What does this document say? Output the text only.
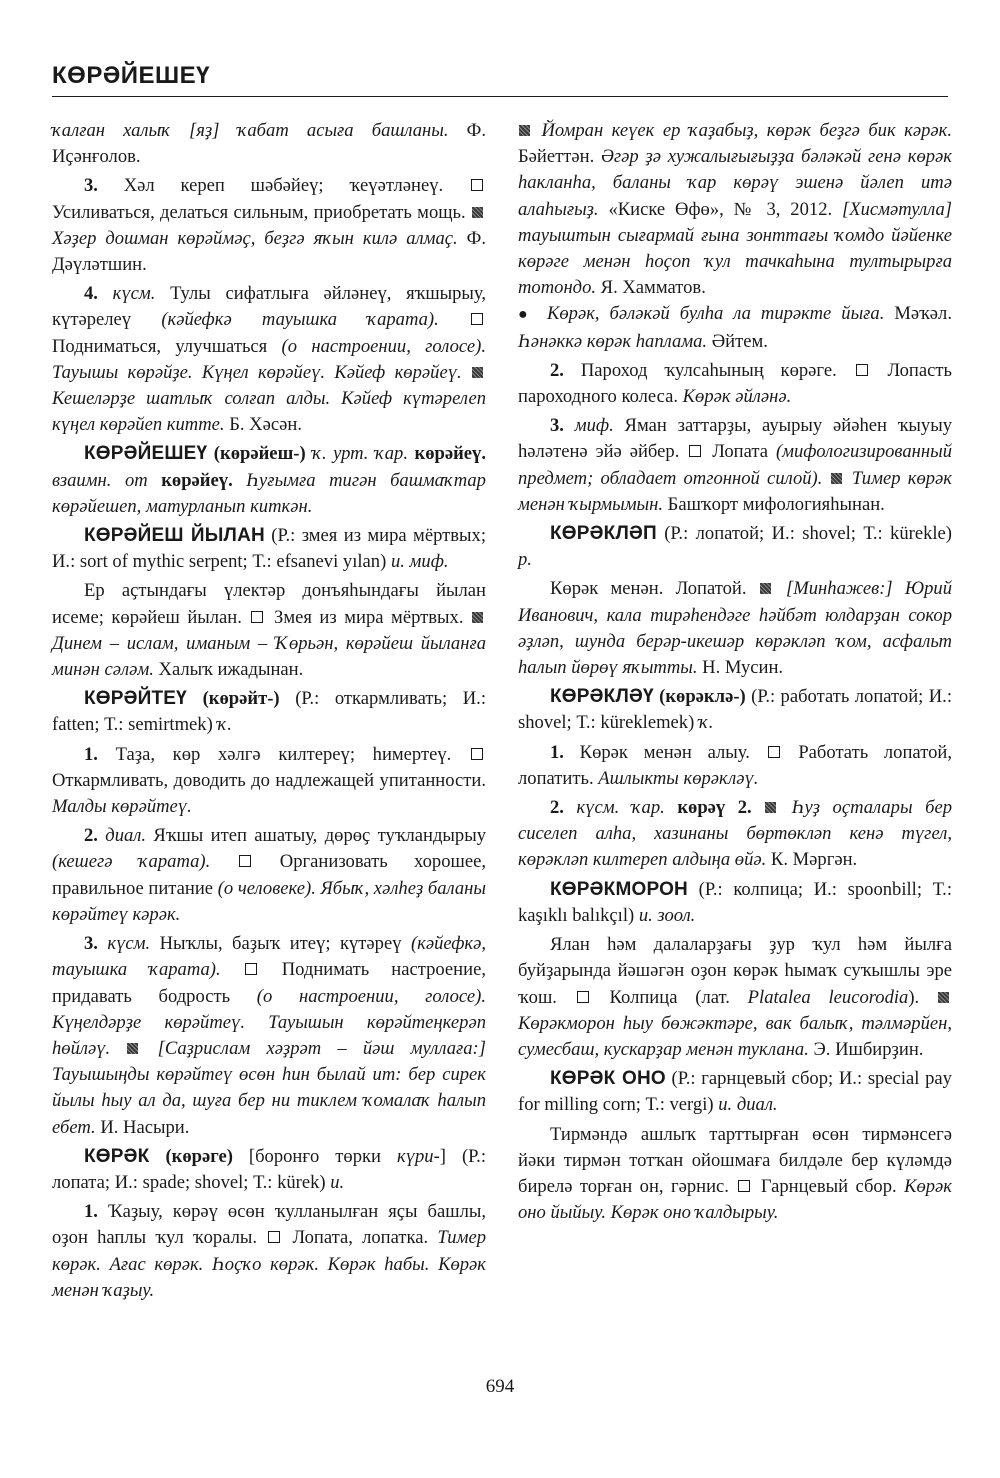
КӨРӘЙЕШЕҮ

ҡалған халыҡ [яҙ] ҡабат асыға башланы. Ф. Иҫәнғолов.

3. Хәл кереп шәбәйеү; ҡеүәтләнеү.  Усиливаться, делаться сильным, приобретать мощь.  Хәҙер дошман көрәймәҫ, беҙгә яҡын килә алмаҫ. Ф. Дәүләтшин.

4. күсм. Тулы сифатлыға әйләнеү, яҡшырыу, күтәрелеү (кәйефкә тауышка ҡарата).  Подниматься, улучшаться (о настроении, голосе). Тауышы көрәйҙе. Күңел көрәйеү. Кәйеф көрәйеү.  Кешеләрҙе шатлыҡ солғап алды. Кәйеф күтәрелеп күңел көрәйеп китте. Б. Хәсән.

КӨРӘЙЕШЕҮ (көрәйеш-) ҡ. урт. ҡар. көрәйеү. взаимн. от көрәйеү. Һуғымға тигән башмаҡтар көрәйешеп, матурланып киткән.

КӨРӘЙЕШ ЙЫЛАН (Р.: змея из мира мёртвых; И.: sort of mythic serpent; Т.: efsanevi yılan) и. миф.

Ер аҫтындағы үлектәр донъяһындағы йылан исеме; көрәйеш йылан.  Змея из мира мёртвых.  Динем – ислам, иманым – Ҡөрьән, көрәйеш йыланға минән сәләм. Халыҡ ижадынан.

КӨРӘЙТЕҮ (көрәйт-) (Р.: откармливать; И.: fatten; Т.: semirtmek) ҡ.

1. Таҙа, көр хәлгә килтереү; һимертеү.  Откармливать, доводить до надлежащей упитанности. Малды көрәйтеү.

2. диал. Яҡшы итеп ашатыу, дөрөҫ туҡландырыу (кешегә ҡарата).  Организовать хорошее, правильное питание (о человеке). Ябыҡ, хәлһеҙ баланы көрәйтеү кәрәк.

3. күсм. Ныҡлы, баҙыҡ итеү; күтәреү (кәйефкә, тауышка ҡарата).  Поднимать настроение, придавать бодрость (о настроении, голосе). Күңелдәрҙе көрәйтеү. Тауышын көрәйтеңкерәп һөйләү.  [Саҙрислам хәҙрәт – йәш муллаға:] Тауышыңды көрәйтеү өсөн һин былай ит: бер сирек йылы һыу ал да, шуға бер ни тиклем ҡомалаҡ һалып ебет. И. Насыри.

КӨРӘК (көрәге) [боронғо төрки күри-] (Р.: лопата; И.: spade; shovel; Т.: kürek) и.

1. Ҡаҙыу, көрәү өсөн ҡулланылған яҫы башлы, оҙон һаплы ҡул ҡоралы.  Лопата, лопатка. Тимер көрәк. Ағас көрәк. Һоҫҡо көрәк. Көрәк һабы. Көрәк менән ҡаҙыу.

Йомран кеүек ер ҡаҙабыҙ, көрәк беҙгә бик кәрәк. Бәйеттән. Әгәр ҙә хужалығығыҙҙа бәләкәй генә көрәк һакланһа, баланы ҡар көрәү эшенә йәлеп итә алаһығыҙ. «Киске Өфө», № 3, 2012. [Хисмәтулла] тауыштын сығармай ғына зонттағы ҡомдо йәйенке көрәге менән һоҫоп ҡул тачкаһына тултырырға тотондо. Я. Хамматов.
● Көрәк, бәләкәй булһа ла тирәкте йыға. Мәҡәл. Һәнәккә көрәк һаплама. Әйтем.

2. Пароход ҡулсаһының көрәге.  Лопасть пароходного колеса. Көрәк әйләнә.

3. миф. Яман заттарҙы, ауырыу әйәһен ҡыуыу һәләтенә эйә әйбер.  Лопата (мифологизированный предмет; обладает отгонной силой).  Тимер көрәк менән ҡырмымын. Башҡорт мифологияһынан.

КӨРӘКЛӘП (Р.: лопатой; И.: shovel; Т.: kürekle) р.

Көрәк менән. Лопатой.  [Минһажев:] Юрий Иванович, кала тирәһендәге һәйбәт юлдарҙан сокор әҙләп, шунда берәр-икешәр көрәкләп ҡом, асфальт һалып йөрөү яҡытты. Н. Мусин.

КӨРӘКЛӘҮ (көрәклә-) (Р.: работать лопатой; И.: shovel; Т.: küreklemek) ҡ.

1. Көрәк менән алыу.  Работать лопатой, лопатить. Ашлыкты көрәкләү.

2. күсм. ҡар. көрәү 2.  Һуҙ оҫталары бер сиселеп алһа, хазинаны бөртөкләп кенә түгел, көрәкләп килтереп алдыңа өйә. К. Мәргән.

КӨРӘКМОРОН (Р.: колпица; И.: spoonbill; Т.: kaşıklı balıkçıl) и. зоол.

Ялан һәм далаларҙағы ҙур ҡул һәм йылға буйҙарында йәшәгән оҙон көрәк һымаҡ суҡышлы эре ҡош.  Колпица (лат. Platalea leucorodia).  Көрәкморон һыу бөжәктәре, вак балыҡ, тәлмәрйен, сумесбаш, кускарҙар менән туклана. Э. Ишбирҙин.

КӨРӘК ОНО (Р.: гарнцевый сбор; И.: special pay for milling corn; Т.: vergi) и. диал.

Тирмәндә ашлыҡ тарттырған өсөн тирмәнсегә йәки тирмән тотҡан ойошмаға билдәле бер күләмдә бирелә торған он, гәрнис.  Гарнцевый сбор. Көрәк оно йыйыу. Көрәк оно ҡалдырыу.

694
